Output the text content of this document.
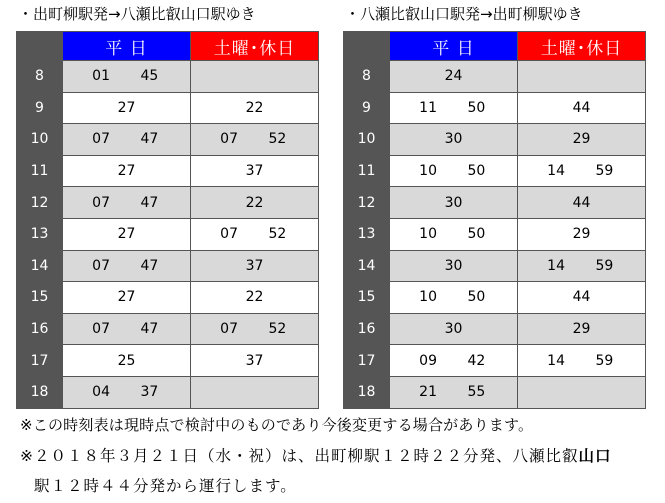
・出町柳駅発→八瀬比叡山口駅ゆき	・八瀬比叡山口駅発→出町柳駅ゆき
	平 日	土曜･休日
8	01 45	

9	27	22

10	07 47	07 52

11	27	37

12	07 47	22

13	27	07 52

14	07 47	37

15	27	22

16	07 47	07 52

17	25	37

18	04 37	

	平 日	土曜･休日
8	24	

9	11 50	44

10	30	29

11	10 50	14 59

12	30	44

13	10 50	29

14	30	14 59

15	10 50	44

16	30	29

17	09 42	14 59

18	21 55	

※この時刻表は現時点で検討中のものであり今後変更する場合があります。
※２０１８年３月２１日（水・祝）は、出町柳駅１２時２２分発、八瀬比叡山口
駅１２時４４分発から運行します。
